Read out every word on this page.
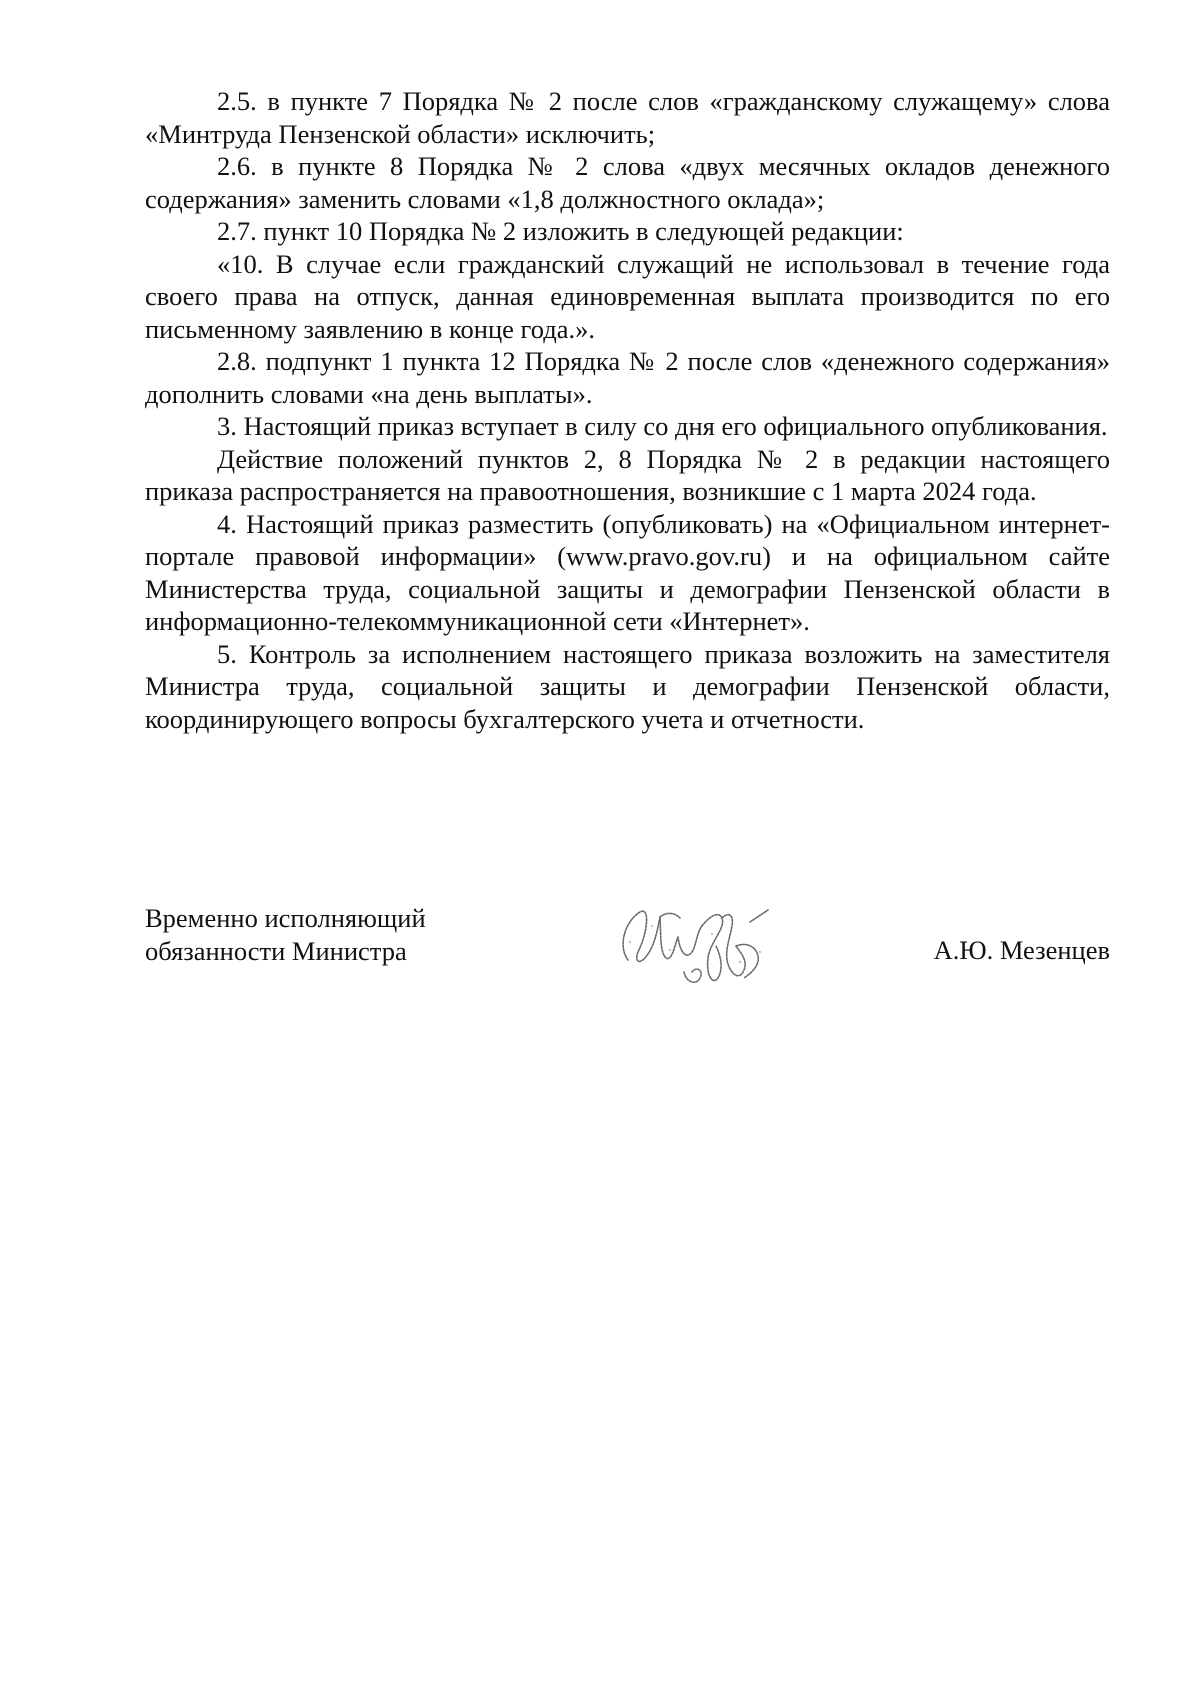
2.5. в пункте 7 Порядка № 2 после слов «гражданскому служащему» слова «Минтруда Пензенской области» исключить;

2.6. в пункте 8 Порядка № 2 слова «двух месячных окладов денежного содержания» заменить словами «1,8 должностного оклада»;

2.7. пункт 10 Порядка № 2 изложить в следующей редакции:

«10. В случае если гражданский служащий не использовал в течение года своего права на отпуск, данная единовременная выплата производится по его письменному заявлению в конце года.».

2.8. подпункт 1 пункта 12 Порядка № 2 после слов «денежного содержания» дополнить словами «на день выплаты».

3. Настоящий приказ вступает в силу со дня его официального опубликования.

Действие положений пунктов 2, 8 Порядка № 2 в редакции настоящего приказа распространяется на правоотношения, возникшие с 1 марта 2024 года.

4. Настоящий приказ разместить (опубликовать) на «Официальном интернет-портале правовой информации» (www.pravo.gov.ru) и на официальном сайте Министерства труда, социальной защиты и демографии Пензенской области в информационно-телекоммуникационной сети «Интернет».

5. Контроль за исполнением настоящего приказа возложить на заместителя Министра труда, социальной защиты и демографии Пензенской области, координирующего вопросы бухгалтерского учета и отчетности.

Временно исполняющий
обязанности Министра	А.Ю. Мезенцев
